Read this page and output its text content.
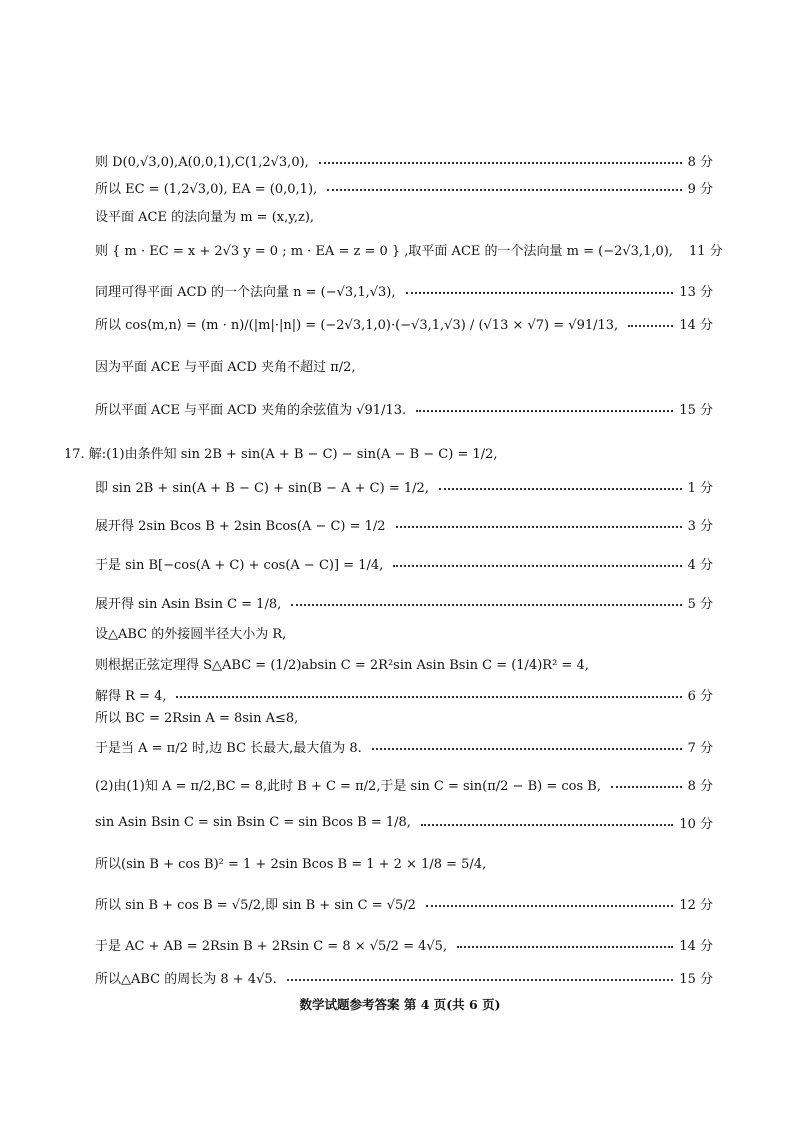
则 D(0,√3,0),A(0,0,1),C(1,2√3,0),	8 分
所以 EC = (1,2√3,0), EA = (0,0,1),	9 分
设平面 ACE 的法向量为 m = (x,y,z),
则 { m · EC = x + 2√3 y = 0 ; m · EA = z = 0 } ,取平面 ACE 的一个法向量 m = (−2√3,1,0), 11 分
同理可得平面 ACD 的一个法向量 n = (−√3,1,√3),	13 分
所以 cos⟨m,n⟩ = (m · n)/(|m|·|n|) = (−2√3,1,0)·(−√3,1,√3) / (√13 × √7) = √91/13,	14 分
因为平面 ACE 与平面 ACD 夹角不超过 π/2,
所以平面 ACE 与平面 ACD 夹角的余弦值为 √91/13.	15 分
17. 解:(1)由条件知 sin 2B + sin(A + B − C) − sin(A − B − C) = 1/2,
即 sin 2B + sin(A + B − C) + sin(B − A + C) = 1/2,	1 分
展开得 2sin Bcos B + 2sin Bcos(A − C) = 1/2	3 分
于是 sin B[−cos(A + C) + cos(A − C)] = 1/4,	4 分
展开得 sin Asin Bsin C = 1/8,	5 分
设△ABC 的外接圆半径大小为 R,
则根据正弦定理得 S△ABC = (1/2)absin C = 2R²sin Asin Bsin C = (1/4)R² = 4,
解得 R = 4,	6 分
所以 BC = 2Rsin A = 8sin A≤8,
于是当 A = π/2 时,边 BC 长最大,最大值为 8.	7 分
(2)由(1)知 A = π/2,BC = 8,此时 B + C = π/2,于是 sin C = sin(π/2 − B) = cos B,	8 分
sin Asin Bsin C = sin Bsin C = sin Bcos B = 1/8,	10 分
所以(sin B + cos B)² = 1 + 2sin Bcos B = 1 + 2 × 1/8 = 5/4,
所以 sin B + cos B = √5/2,即 sin B + sin C = √5/2	12 分
于是 AC + AB = 2Rsin B + 2Rsin C = 8 × √5/2 = 4√5,	14 分
所以△ABC 的周长为 8 + 4√5.	15 分
数学试题参考答案 第 4 页(共 6 页)
